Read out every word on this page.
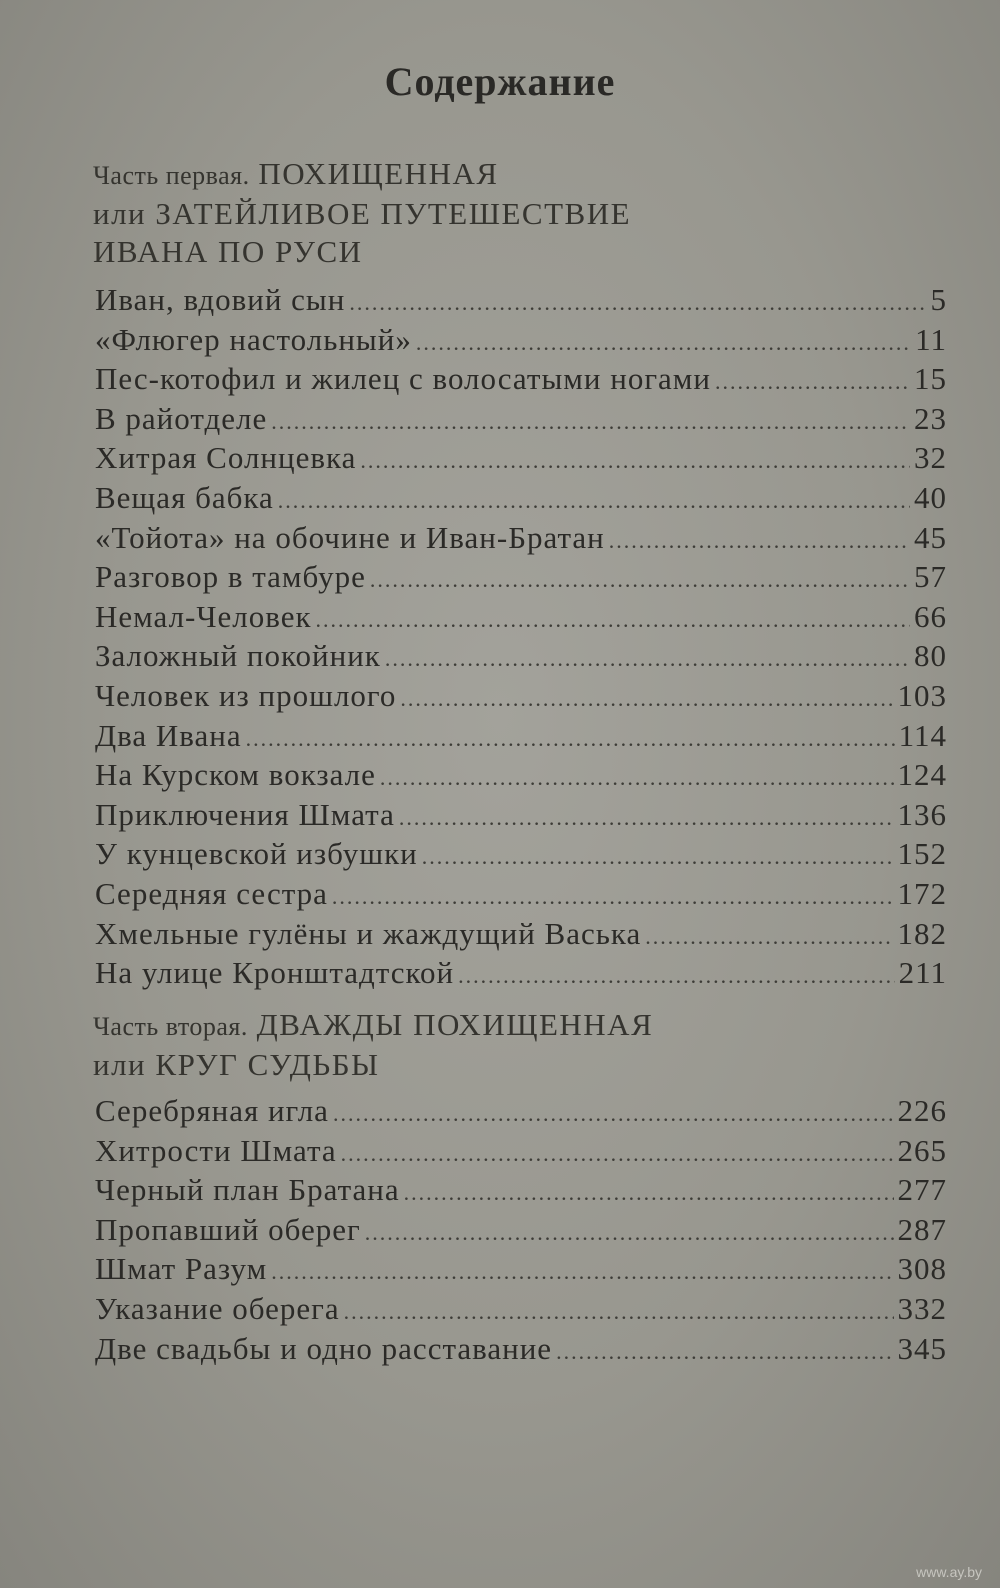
Содержание
Часть первая. ПОХИЩЕННАЯ
или ЗАТЕЙЛИВОЕ ПУТЕШЕСТВИЕ
ИВАНА ПО РУСИ
Иван, вдовий сын .....	5
«Флюгер настольный» .....	11
Пес-котофил и жилец с волосатыми ногами .....	15
В райотделе .....	23
Хитрая Солнцевка .....	32
Вещая бабка .....	40
«Тойота» на обочине и Иван-Братан .....	45
Разговор в тамбуре .....	57
Немал-Человек .....	66
Заложный покойник .....	80
Человек из прошлого .....	103
Два Ивана .....	114
На Курском вокзале .....	124
Приключения Шмата .....	136
У кунцевской избушки .....	152
Середняя сестра .....	172
Хмельные гулёны и жаждущий Васька .....	182
На улице Кронштадтской .....	211
Часть вторая. ДВАЖДЫ ПОХИЩЕННАЯ
или КРУГ СУДЬБЫ
Серебряная игла .....	226
Хитрости Шмата .....	265
Черный план Братана .....	277
Пропавший оберег .....	287
Шмат Разум .....	308
Указание оберега .....	332
Две свадьбы и одно расставание .....	345
www.ay.by
